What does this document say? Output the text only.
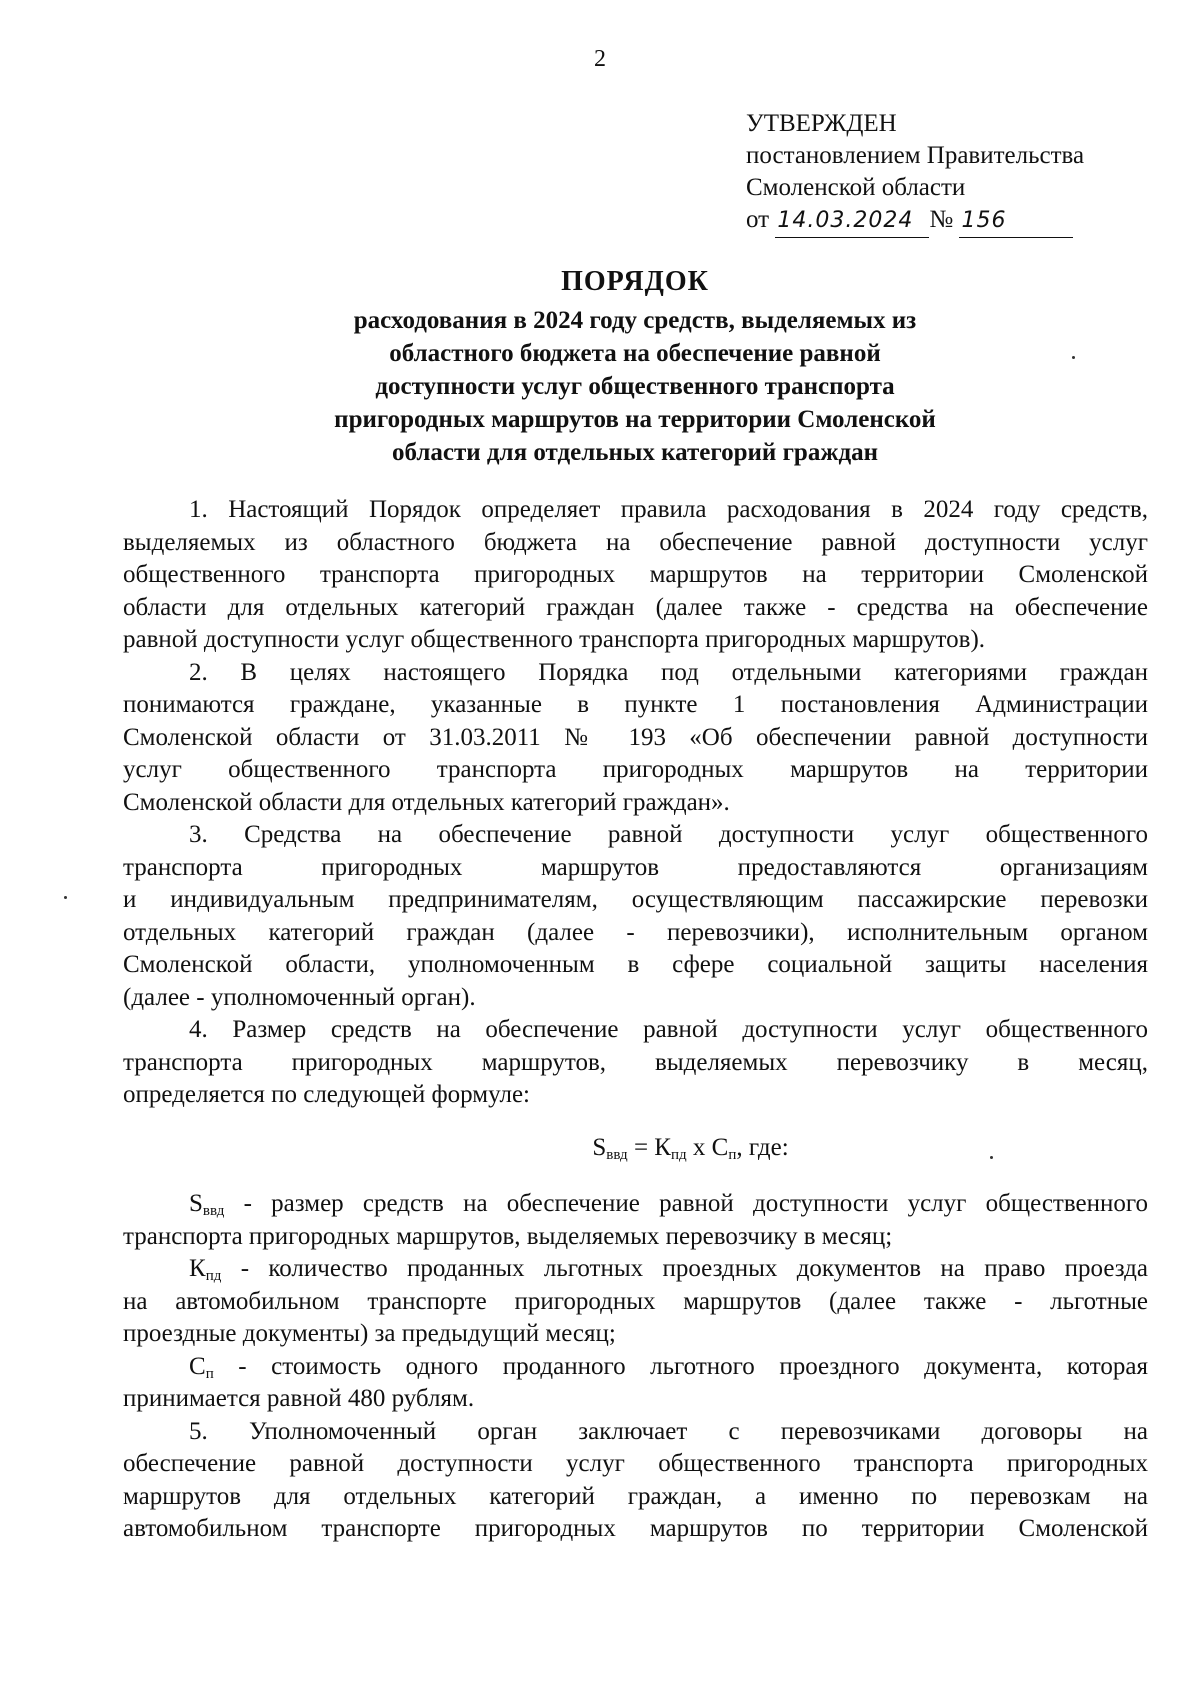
2
УТВЕРЖДЕН
постановлением Правительства
Смоленской области
от 14.03.2024 № 156
ПОРЯДОК
расходования в 2024 году средств, выделяемых из
областного бюджета на обеспечение равной
доступности услуг общественного транспорта
пригородных маршрутов на территории Смоленской
области для отдельных категорий граждан
1. Настоящий Порядок определяет правила расходования в 2024 году средств,
выделяемых из областного бюджета на обеспечение равной доступности услуг
общественного транспорта пригородных маршрутов на территории Смоленской
области для отдельных категорий граждан (далее также - средства на обеспечение
равной доступности услуг общественного транспорта пригородных маршрутов).
2. В целях настоящего Порядка под отдельными категориями граждан
понимаются граждане, указанные в пункте 1 постановления Администрации
Смоленской области от 31.03.2011 № 193 «Об обеспечении равной доступности
услуг общественного транспорта пригородных маршрутов на территории
Смоленской области для отдельных категорий граждан».
3. Средства на обеспечение равной доступности услуг общественного
транспорта пригородных маршрутов предоставляются организациям
и индивидуальным предпринимателям, осуществляющим пассажирские перевозки
отдельных категорий граждан (далее - перевозчики), исполнительным органом
Смоленской области, уполномоченным в сфере социальной защиты населения
(далее - уполномоченный орган).
4. Размер средств на обеспечение равной доступности услуг общественного
транспорта пригородных маршрутов, выделяемых перевозчику в месяц,
определяется по следующей формуле:
$S_{ввд} = К_{пд}$ х $С_п$, где:
$S_{ввд}$ - размер средств на обеспечение равной доступности услуг общественного
транспорта пригородных маршрутов, выделяемых перевозчику в месяц;
$К_{пд}$ - количество проданных льготных проездных документов на право проезда
на автомобильном транспорте пригородных маршрутов (далее также - льготные
проездные документы) за предыдущий месяц;
$С_п$ - стоимость одного проданного льготного проездного документа, которая
принимается равной 480 рублям.
5. Уполномоченный орган заключает с перевозчиками договоры на
обеспечение равной доступности услуг общественного транспорта пригородных
маршрутов для отдельных категорий граждан, а именно по перевозкам на
автомобильном транспорте пригородных маршрутов по территории Смоленской
